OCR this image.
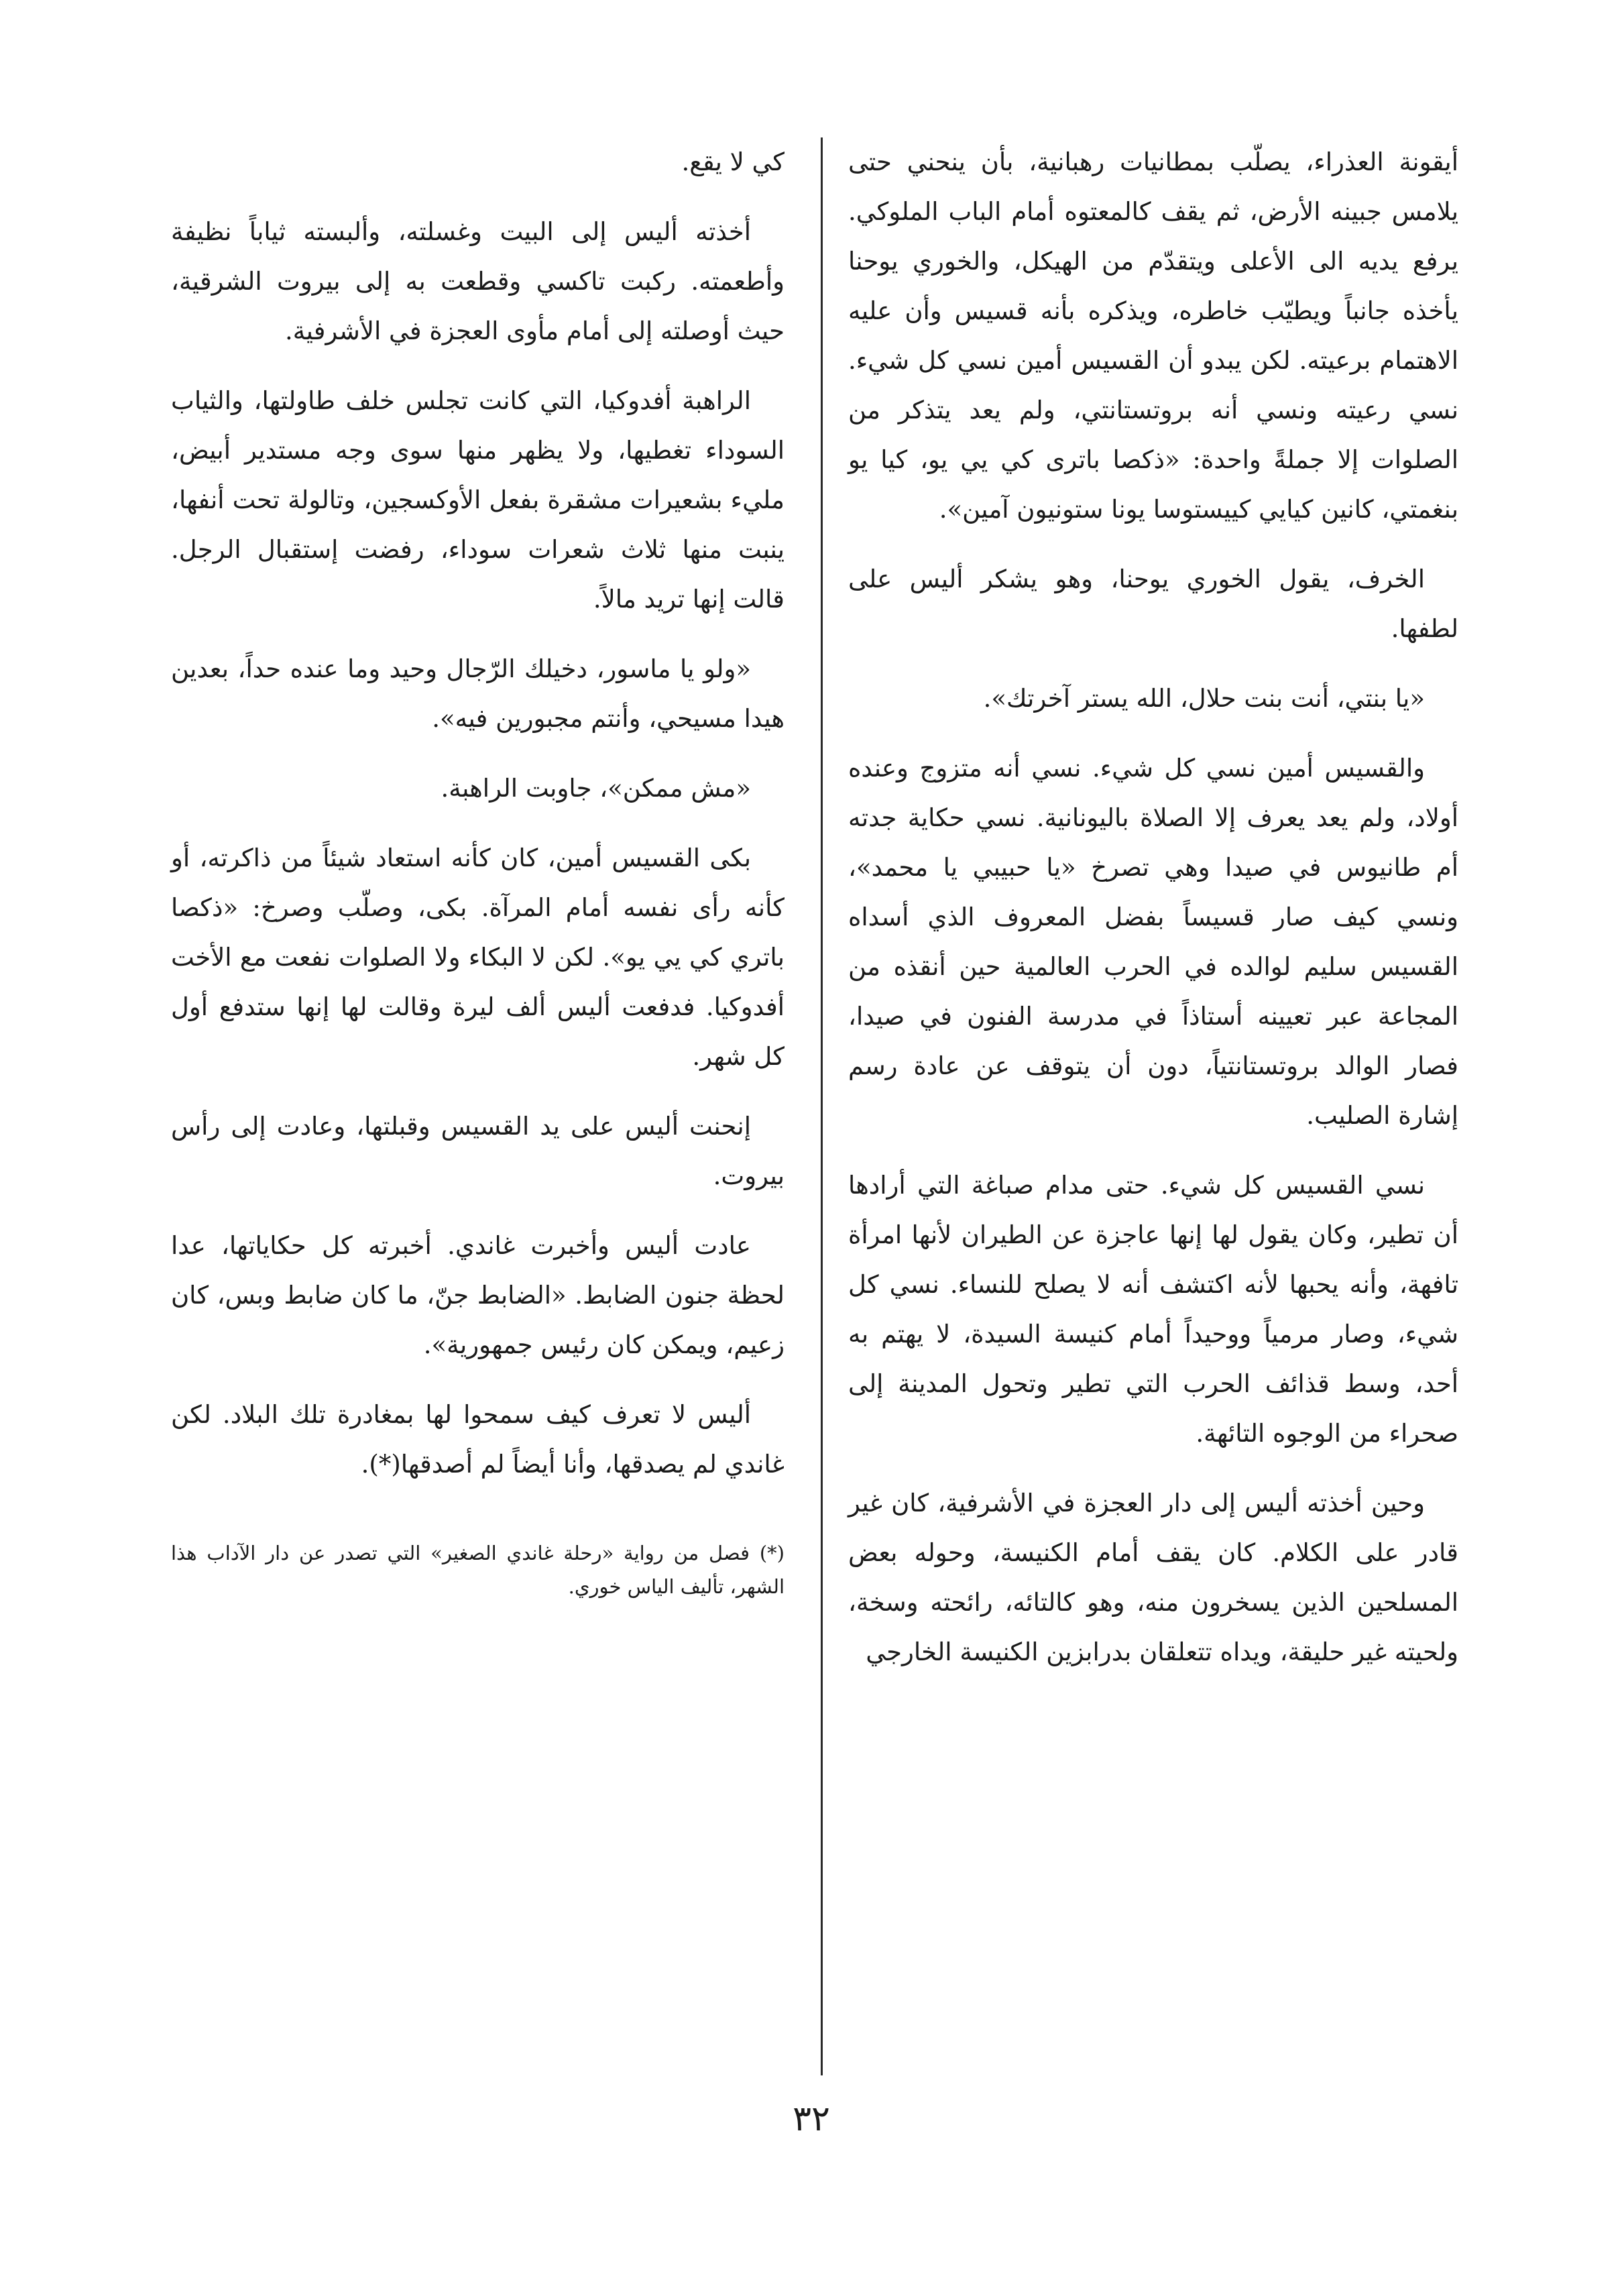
أيقونة العذراء، يصلّب بمطانيات رهبانية، بأن ينحني حتى يلامس جبينه الأرض، ثم يقف كالمعتوه أمام الباب الملوكي. يرفع يديه الى الأعلى ويتقدّم من الهيكل، والخوري يوحنا يأخذه جانباً ويطيّب خاطره، ويذكره بأنه قسيس وأن عليه الاهتمام برعيته. لكن يبدو أن القسيس أمين نسي كل شيء. نسي رعيته ونسي أنه بروتستانتي، ولم يعد يتذكر من الصلوات إلا جملةً واحدة: «ذكصا باترى كي يي يو، كيا يو بنغمتي، كانين كيايي كييستوسا يونا ستونيون آمين».

الخرف، يقول الخوري يوحنا، وهو يشكر أليس على لطفها.

«يا بنتي، أنت بنت حلال، الله يستر آخرتك».

والقسيس أمين نسي كل شيء. نسي أنه متزوج وعنده أولاد، ولم يعد يعرف إلا الصلاة باليونانية. نسي حكاية جدته أم طانيوس في صيدا وهي تصرخ «يا حبيبي يا محمد»، ونسي كيف صار قسيساً بفضل المعروف الذي أسداه القسيس سليم لوالده في الحرب العالمية حين أنقذه من المجاعة عبر تعيينه أستاذاً في مدرسة الفنون في صيدا، فصار الوالد بروتستانتياً، دون أن يتوقف عن عادة رسم إشارة الصليب.

نسي القسيس كل شيء. حتى مدام صباغة التي أرادها أن تطير، وكان يقول لها إنها عاجزة عن الطيران لأنها امرأة تافهة، وأنه يحبها لأنه اكتشف أنه لا يصلح للنساء. نسي كل شيء، وصار مرمياً ووحيداً أمام كنيسة السيدة، لا يهتم به أحد، وسط قذائف الحرب التي تطير وتحول المدينة إلى صحراء من الوجوه التائهة.

وحين أخذته أليس إلى دار العجزة في الأشرفية، كان غير قادر على الكلام. كان يقف أمام الكنيسة، وحوله بعض المسلحين الذين يسخرون منه، وهو كالتائه، رائحته وسخة، ولحيته غير حليقة، ويداه تتعلقان بدرابزين الكنيسة الخارجي

كي لا يقع.

أخذته أليس إلى البيت وغسلته، وألبسته ثياباً نظيفة وأطعمته. ركبت تاكسي وقطعت به إلى بيروت الشرقية، حيث أوصلته إلى أمام مأوى العجزة في الأشرفية.

الراهبة أفدوكيا، التي كانت تجلس خلف طاولتها، والثياب السوداء تغطيها، ولا يظهر منها سوى وجه مستدير أبيض، مليء بشعيرات مشقرة بفعل الأوكسجين، وتالولة تحت أنفها، ينبت منها ثلاث شعرات سوداء، رفضت إستقبال الرجل. قالت إنها تريد مالاً.

«ولو يا ماسور، دخيلك الرّجال وحيد وما عنده حداً، بعدين هيدا مسيحي، وأنتم مجبورين فيه».

«مش ممكن»، جاوبت الراهبة.

بكى القسيس أمين، كان كأنه استعاد شيئاً من ذاكرته، أو كأنه رأى نفسه أمام المرآة. بكى، وصلّب وصرخ: «ذكصا باتري كي يي يو». لكن لا البكاء ولا الصلوات نفعت مع الأخت أفدوكيا. فدفعت أليس ألف ليرة وقالت لها إنها ستدفع أول كل شهر.

إنحنت أليس على يد القسيس وقبلتها، وعادت إلى رأس بيروت.

عادت أليس وأخبرت غاندي. أخبرته كل حكاياتها، عدا لحظة جنون الضابط. «الضابط جنّ، ما كان ضابط وبس، كان زعيم، ويمكن كان رئيس جمهورية».

أليس لا تعرف كيف سمحوا لها بمغادرة تلك البلاد. لكن غاندي لم يصدقها، وأنا أيضاً لم أصدقها(*).

(*) فصل من رواية «رحلة غاندي الصغير» التي تصدر عن دار الآداب هذا الشهر، تأليف الياس خوري.

٣٢
